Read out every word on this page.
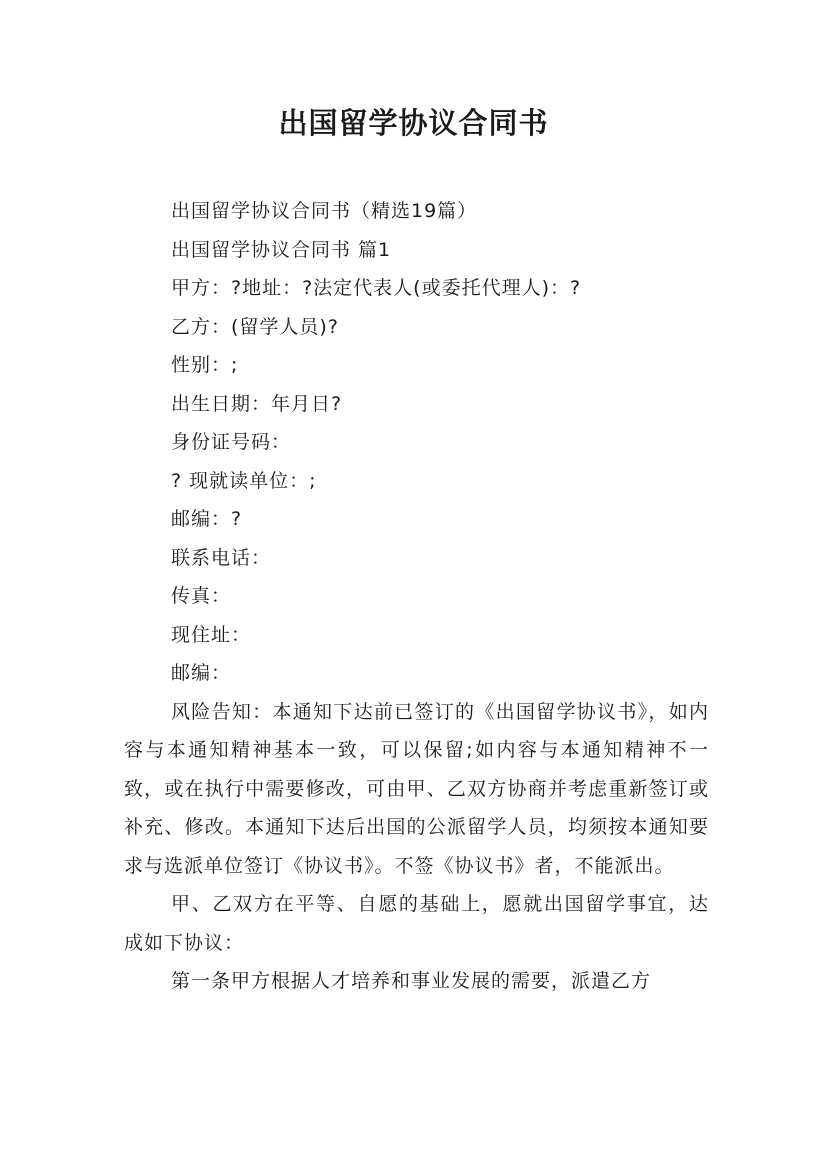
出国留学协议合同书

出国留学协议合同书（精选19篇）

出国留学协议合同书 篇1

甲方：?地址：?法定代表人(或委托代理人)：?

乙方：(留学人员)?

性别：;

出生日期：年月日?

身份证号码：

? 现就读单位：;

邮编：?

联系电话：

传真：

现住址：

邮编：

风险告知：本通知下达前已签订的《出国留学协议书》，如内容与本通知精神基本一致，可以保留;如内容与本通知精神不一致，或在执行中需要修改，可由甲、乙双方协商并考虑重新签订或补充、修改。本通知下达后出国的公派留学人员，均须按本通知要求与选派单位签订《协议书》。不签《协议书》者，不能派出。

甲、乙双方在平等、自愿的基础上，愿就出国留学事宜，达成如下协议：

第一条甲方根据人才培养和事业发展的需要，派遣乙方
